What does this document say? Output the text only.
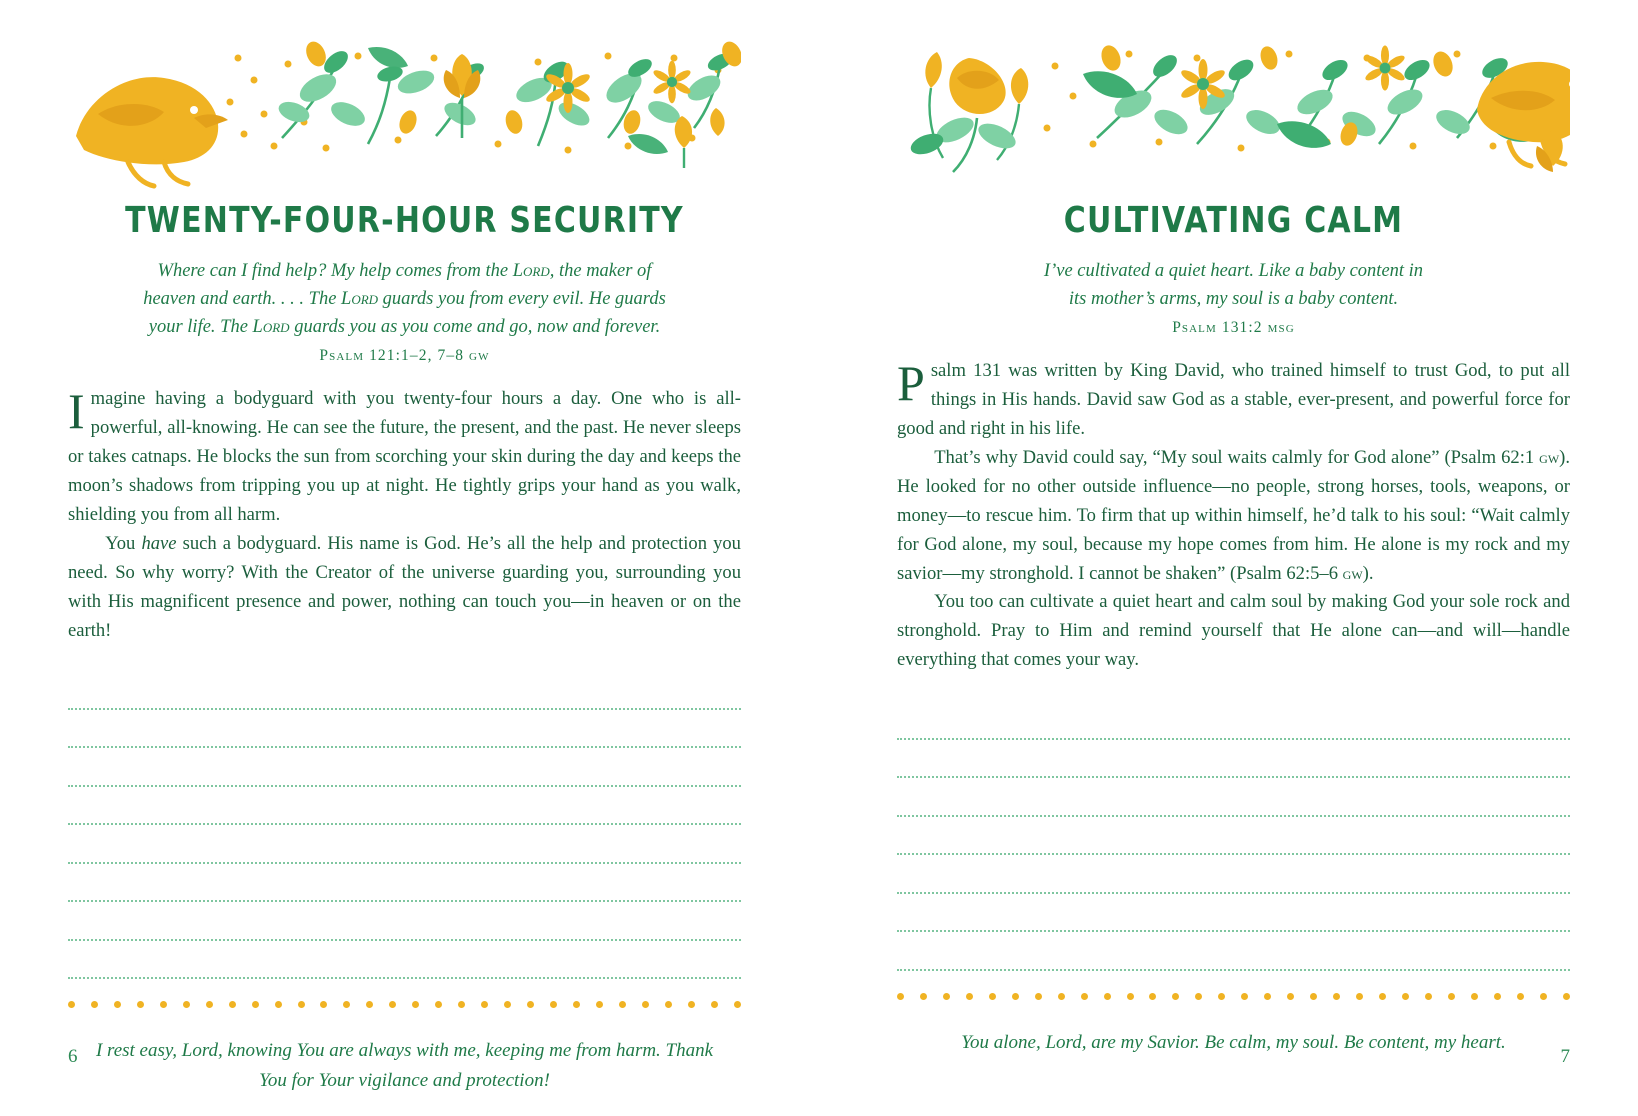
TWENTY-FOUR-HOUR SECURITY
Where can I find help? My help comes from the Lord, the maker of
heaven and earth. . . . The Lord guards you from every evil. He guards
your life. The Lord guards you as you come and go, now and forever.
Psalm 121:1–2, 7–8 gw

Imagine having a bodyguard with you twenty-four hours a day. One who is all-powerful, all-knowing. He can see the future, the present, and the past. He never sleeps or takes catnaps. He blocks the sun from scorching your skin during the day and keeps the moon’s shadows from tripping you up at night. He tightly grips your hand as you walk, shielding you from all harm.

You have such a bodyguard. His name is God. He’s all the help and protection you need. So why worry? With the Creator of the universe guarding you, surrounding you with His magnificent presence and power, nothing can touch you—in heaven or on the earth!

I rest easy, Lord, knowing You are always with me, keeping me from harm. Thank You for Your vigilance and protection!
6
CULTIVATING CALM
I’ve cultivated a quiet heart. Like a baby content in
its mother’s arms, my soul is a baby content.
Psalm 131:2 msg

Psalm 131 was written by King David, who trained himself to trust God, to put all things in His hands. David saw God as a stable, ever-present, and powerful force for good and right in his life.

That’s why David could say, “My soul waits calmly for God alone” (Psalm 62:1 gw). He looked for no other outside influence—no people, strong horses, tools, weapons, or money—to rescue him. To firm that up within himself, he’d talk to his soul: “Wait calmly for God alone, my soul, because my hope comes from him. He alone is my rock and my savior—my stronghold. I cannot be shaken” (Psalm 62:5–6 gw).

You too can cultivate a quiet heart and calm soul by making God your sole rock and stronghold. Pray to Him and remind yourself that He alone can—and will—handle everything that comes your way.

You alone, Lord, are my Savior. Be calm, my soul. Be content, my heart.
7
